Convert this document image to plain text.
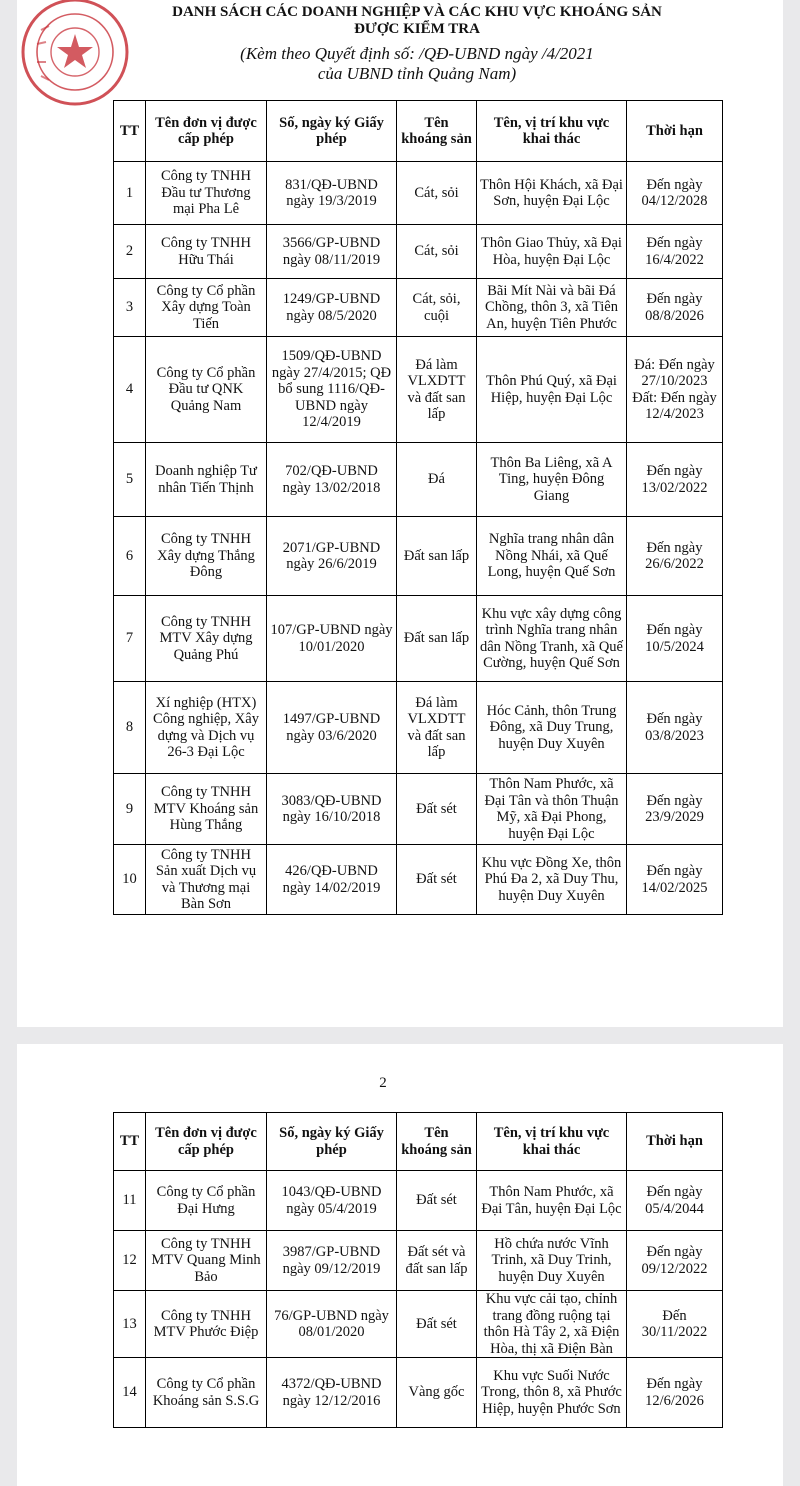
DANH SÁCH CÁC DOANH NGHIỆP VÀ CÁC KHU VỰC KHOÁNG SẢN
ĐƯỢC KIỂM TRA
(Kèm theo Quyết định số: /QĐ-UBND ngày /4/2021
của UBND tỉnh Quảng Nam)
TT	Tên đơn vị được cấp phép	Số, ngày ký Giấy phép	Tên khoáng sản	Tên, vị trí khu vực khai thác	Thời hạn
1	Công ty TNHH Đầu tư Thương mại Pha Lê	831/QĐ-UBND ngày 19/3/2019	Cát, sỏi	Thôn Hội Khách, xã Đại Sơn, huyện Đại Lộc	Đến ngày 04/12/2028
2	Công ty TNHH Hữu Thái	3566/GP-UBND ngày 08/11/2019	Cát, sỏi	Thôn Giao Thủy, xã Đại Hòa, huyện Đại Lộc	Đến ngày 16/4/2022
3	Công ty Cổ phần Xây dựng Toàn Tiến	1249/GP-UBND ngày 08/5/2020	Cát, sỏi, cuội	Bãi Mít Nài và bãi Đá Chồng, thôn 3, xã Tiên An, huyện Tiên Phước	Đến ngày 08/8/2026
4	Công ty Cổ phần Đầu tư QNK Quảng Nam	1509/QĐ-UBND ngày 27/4/2015; QĐ bổ sung 1116/QĐ-UBND ngày 12/4/2019	Đá làm VLXDTT và đất san lấp	Thôn Phú Quý, xã Đại Hiệp, huyện Đại Lộc	Đá: Đến ngày 27/10/2023 Đất: Đến ngày 12/4/2023
5	Doanh nghiệp Tư nhân Tiến Thịnh	702/QĐ-UBND ngày 13/02/2018	Đá	Thôn Ba Liêng, xã A Ting, huyện Đông Giang	Đến ngày 13/02/2022
6	Công ty TNHH Xây dựng Thắng Đông	2071/GP-UBND ngày 26/6/2019	Đất san lấp	Nghĩa trang nhân dân Nồng Nhái, xã Quế Long, huyện Quế Sơn	Đến ngày 26/6/2022
7	Công ty TNHH MTV Xây dựng Quảng Phú	107/GP-UBND ngày 10/01/2020	Đất san lấp	Khu vực xây dựng công trình Nghĩa trang nhân dân Nồng Tranh, xã Quế Cường, huyện Quế Sơn	Đến ngày 10/5/2024
8	Xí nghiệp (HTX) Công nghiệp, Xây dựng và Dịch vụ 26-3 Đại Lộc	1497/GP-UBND ngày 03/6/2020	Đá làm VLXDTT và đất san lấp	Hóc Cảnh, thôn Trung Đông, xã Duy Trung, huyện Duy Xuyên	Đến ngày 03/8/2023
9	Công ty TNHH MTV Khoáng sản Hùng Thắng	3083/QĐ-UBND ngày 16/10/2018	Đất sét	Thôn Nam Phước, xã Đại Tân và thôn Thuận Mỹ, xã Đại Phong, huyện Đại Lộc	Đến ngày 23/9/2029
10	Công ty TNHH Sản xuất Dịch vụ và Thương mại Bàn Sơn	426/QĐ-UBND ngày 14/02/2019	Đất sét	Khu vực Đồng Xe, thôn Phú Đa 2, xã Duy Thu, huyện Duy Xuyên	Đến ngày 14/02/2025
2
TT	Tên đơn vị được cấp phép	Số, ngày ký Giấy phép	Tên khoáng sản	Tên, vị trí khu vực khai thác	Thời hạn
11	Công ty Cổ phần Đại Hưng	1043/QĐ-UBND ngày 05/4/2019	Đất sét	Thôn Nam Phước, xã Đại Tân, huyện Đại Lộc	Đến ngày 05/4/2044
12	Công ty TNHH MTV Quang Minh Bảo	3987/GP-UBND ngày 09/12/2019	Đất sét và đất san lấp	Hồ chứa nước Vĩnh Trinh, xã Duy Trinh, huyện Duy Xuyên	Đến ngày 09/12/2022
13	Công ty TNHH MTV Phước Điệp	76/GP-UBND ngày 08/01/2020	Đất sét	Khu vực cải tạo, chỉnh trang đồng ruộng tại thôn Hà Tây 2, xã Điện Hòa, thị xã Điện Bàn	Đến 30/11/2022
14	Công ty Cổ phần Khoáng sản S.S.G	4372/QĐ-UBND ngày 12/12/2016	Vàng gốc	Khu vực Suối Nước Trong, thôn 8, xã Phước Hiệp, huyện Phước Sơn	Đến ngày 12/6/2026
